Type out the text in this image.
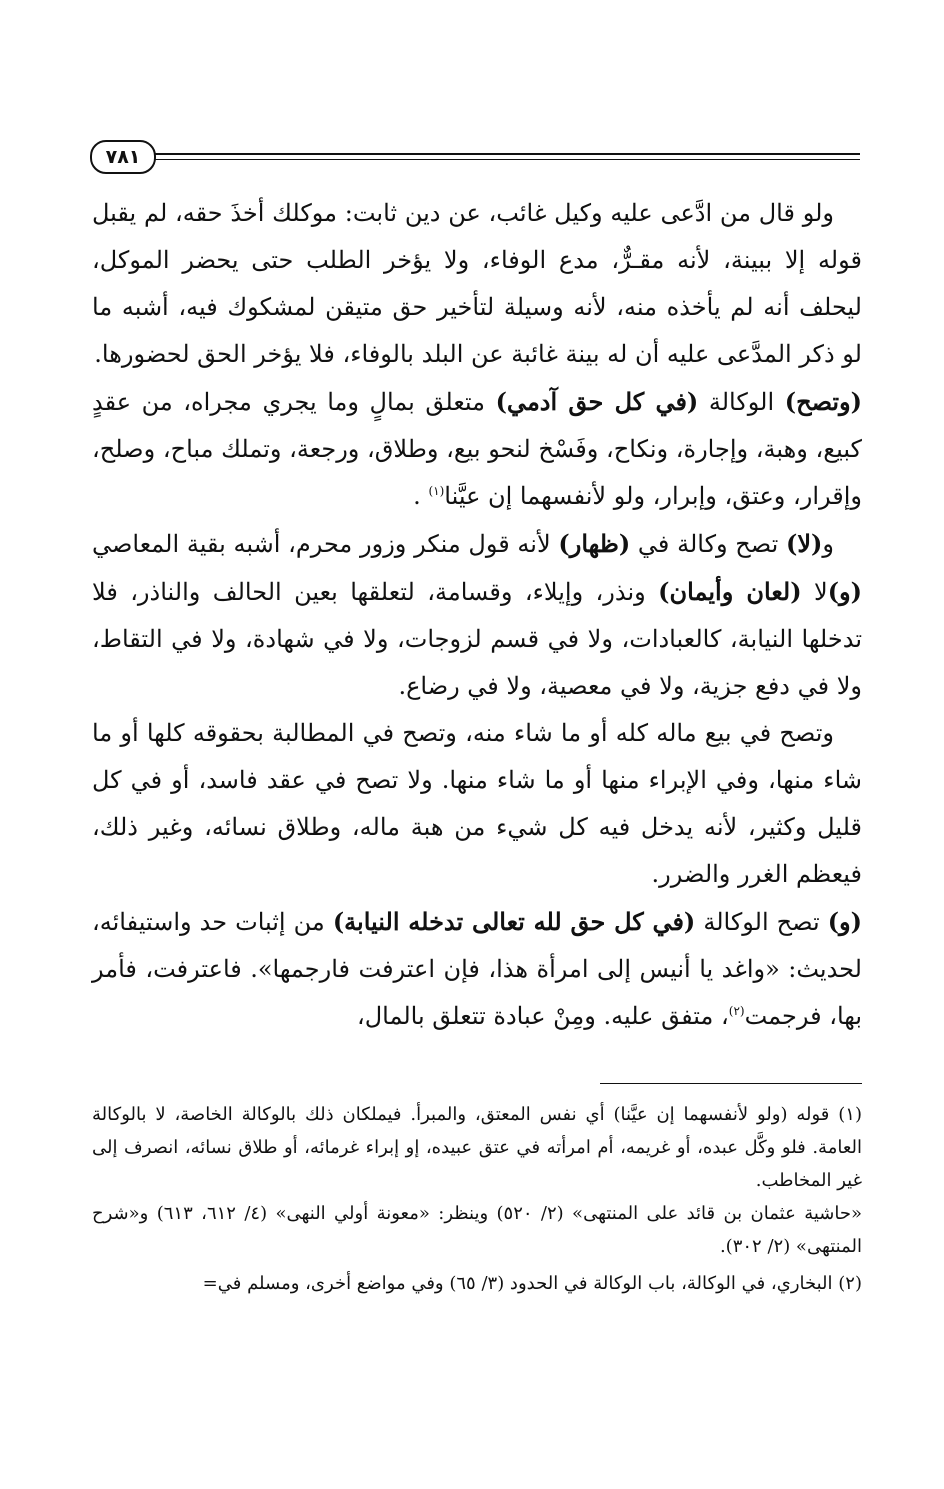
٧٨١

ولو قال من ادَّعى عليه وكيل غائب، عن دين ثابت: موكلك أخذَ حقه، لم يقبل قوله إلا ببينة، لأنه مقـرٌّ، مدع الوفاء، ولا يؤخر الطلب حتى يحضر الموكل، ليحلف أنه لم يأخذه منه، لأنه وسيلة لتأخير حق متيقن لمشكوك فيه، أشبه ما لو ذكر المدَّعى عليه أن له بينة غائبة عن البلد بالوفاء، فلا يؤخر الحق لحضورها.

(وتصح) الوكالة (في كل حق آدمي) متعلق بمالٍ وما يجري مجراه، من عقدٍ كبيع، وهبة، وإجارة، ونكاح، وفَسْخ لنحو بيع، وطلاق، ورجعة، وتملك مباح، وصلح، وإقرار، وعتق، وإبرار، ولو لأنفسهما إن عيَّنا$^{(١)}$ .

و(لا) تصح وكالة في (ظهار) لأنه قول منكر وزور محرم، أشبه بقية المعاصي (و)لا (لعان وأيمان) ونذر، وإيلاء، وقسامة، لتعلقها بعين الحالف والناذر، فلا تدخلها النيابة، كالعبادات، ولا في قسم لزوجات، ولا في شهادة، ولا في التقاط، ولا في دفع جزية، ولا في معصية، ولا في رضاع.

وتصح في بيع ماله كله أو ما شاء منه، وتصح في المطالبة بحقوقه كلها أو ما شاء منها، وفي الإبراء منها أو ما شاء منها. ولا تصح في عقد فاسد، أو في كل قليل وكثير، لأنه يدخل فيه كل شيء من هبة ماله، وطلاق نسائه، وغير ذلك، فيعظم الغرر والضرر.

(و) تصح الوكالة (في كل حق لله تعالى تدخله النيابة) من إثبات حد واستيفائه، لحديث: «واغد يا أنيس إلى امرأة هذا، فإن اعترفت فارجمها». فاعترفت، فأمر بها، فرجمت$^{(٢)}$، متفق عليه. ومِنْ عبادة تتعلق بالمال،

(١) قوله (ولو لأنفسهما إن عيَّنا) أي نفس المعتق، والمبرأ. فيملكان ذلك بالوكالة الخاصة، لا بالوكالة العامة. فلو وكَّل عبده، أو غريمه، أم امرأته في عتق عبيده، إو إبراء غرمائه، أو طلاق نسائه، انصرف إلى غير المخاطب.

«حاشية عثمان بن قائد على المنتهى» (٢/ ٥٢٠) وينظر: «معونة أولي النهى» (٤/ ٦١٢، ٦١٣) و«شرح المنتهى» (٢/ ٣٠٢).

(٢) البخاري، في الوكالة، باب الوكالة في الحدود (٣/ ٦٥) وفي مواضع أخرى، ومسلم في=
